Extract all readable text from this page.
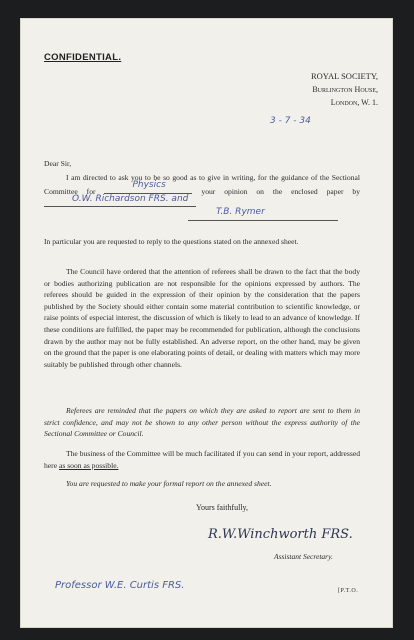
CONFIDENTIAL.
ROYAL SOCIETY,
Burlington House,
London, W. 1.
3 - 7 - 34
Dear Sir,
I am directed to ask you to be so good as to give in writing, for the guidance of the Sectional Committee for
Physics
your opinion on the enclosed paper by
O.W. Richardson FRS. and

T.B. Rymer
In particular you are requested to reply to the questions stated on the annexed sheet.
The Council have ordered that the attention of referees shall be drawn to the fact that the body or bodies authorizing publication are not responsible for the opinions expressed by authors. The referees should be guided in the expression of their opinion by the consideration that the papers published by the Society should either contain some material contribution to scientific knowledge, or raise points of especial interest, the discussion of which is likely to lead to an advance of knowledge. If these conditions are fulfilled, the paper may be recommended for publication, although the conclusions drawn by the author may not be fully established. An adverse report, on the other hand, may be given on the ground that the paper is one elaborating points of detail, or dealing with matters which may more suitably be published through other channels.
Referees are reminded that the papers on which they are asked to report are sent to them in strict confidence, and may not be shown to any other person without the express authority of the Sectional Committee or Council.
The business of the Committee will be much facilitated if you can send in your report, addressed here as soon as possible.
You are requested to make your formal report on the annexed sheet.
Yours faithfully,
R.W.Winchworth FRS.
Assistant Secretary.
Professor W.E. Curtis FRS.	[P.T.O.
